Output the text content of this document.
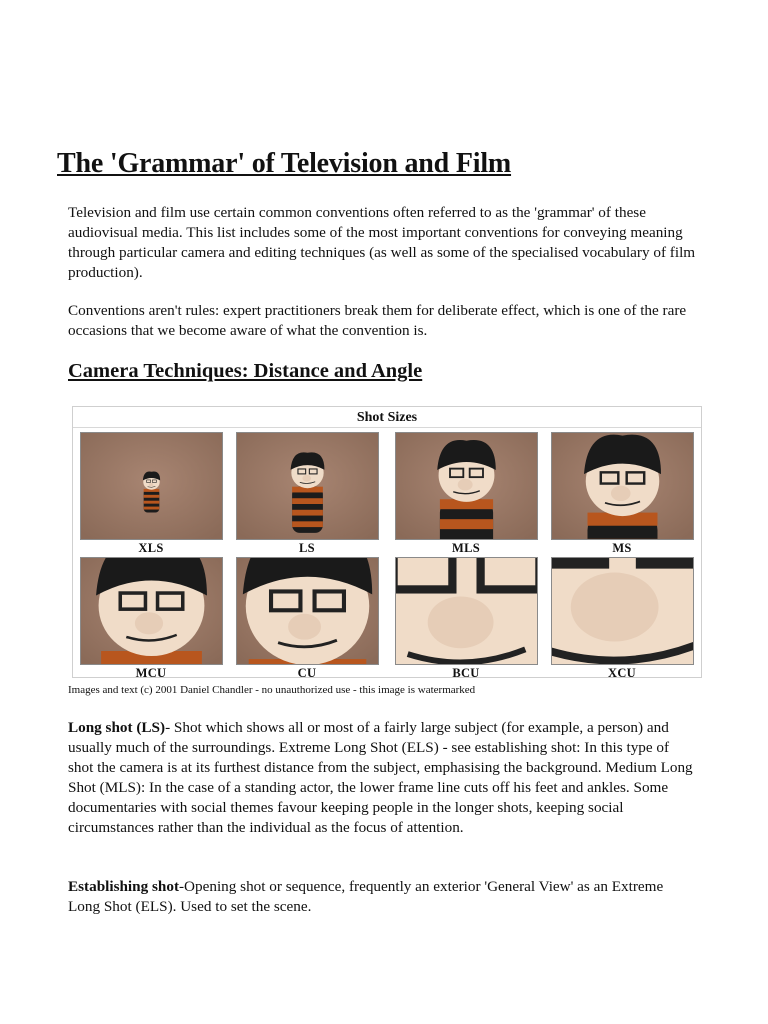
The 'Grammar' of Television and Film

Television and film use certain common conventions often referred to as the 'grammar' of these audiovisual media. This list includes some of the most important conventions for conveying meaning through particular camera and editing techniques (as well as some of the specialised vocabulary of film production).

Conventions aren't rules: expert practitioners break them for deliberate effect, which is one of the rare occasions that we become aware of what the convention is.

Camera Techniques: Distance and Angle
Shot Sizes
XLS	LS	MLS	MS
MCU	CU	BCU	XCU

Images and text (c) 2001 Daniel Chandler - no unauthorized use - this image is watermarked

Long shot (LS)- Shot which shows all or most of a fairly large subject (for example, a person) and usually much of the surroundings. Extreme Long Shot (ELS) - see establishing shot: In this type of shot the camera is at its furthest distance from the subject, emphasising the background. Medium Long Shot (MLS): In the case of a standing actor, the lower frame line cuts off his feet and ankles. Some documentaries with social themes favour keeping people in the longer shots, keeping social circumstances rather than the individual as the focus of attention.

Establishing shot-Opening shot or sequence, frequently an exterior 'General View' as an Extreme Long Shot (ELS). Used to set the scene.
